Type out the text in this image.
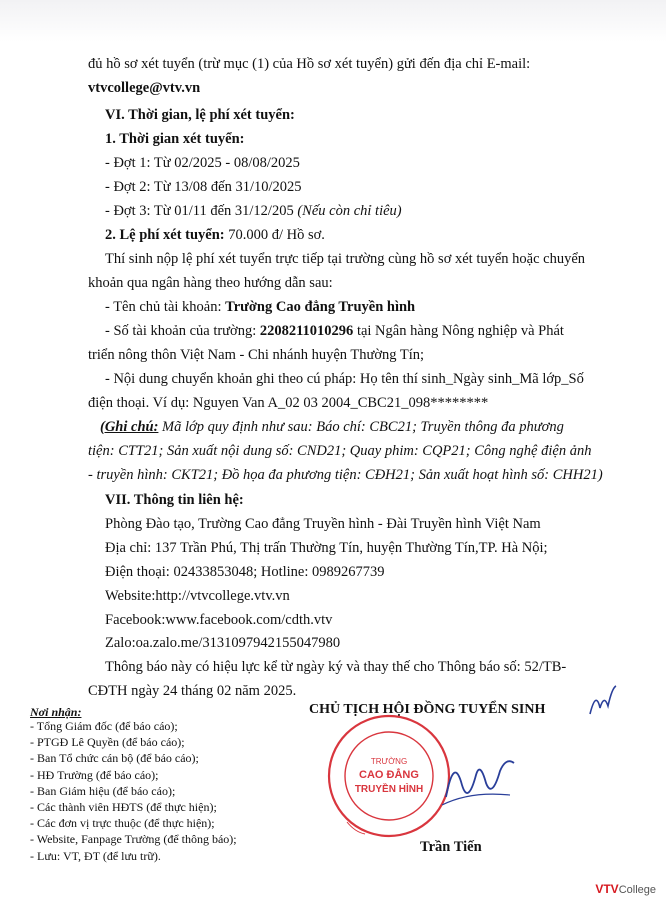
đủ hồ sơ xét tuyển (trừ mục (1) của Hồ sơ xét tuyển) gửi đến địa chỉ E-mail:
vtvcollege@vtv.vn
VI. Thời gian, lệ phí xét tuyển:
1. Thời gian xét tuyển:
- Đợt 1: Từ 02/2025 - 08/08/2025
- Đợt 2: Từ 13/08 đến 31/10/2025
- Đợt 3: Từ 01/11 đến 31/12/205 (Nếu còn chỉ tiêu)
2. Lệ phí xét tuyển: 70.000 đ/ Hồ sơ.
Thí sinh nộp lệ phí xét tuyển trực tiếp tại trường cùng hồ sơ xét tuyển hoặc chuyển
khoản qua ngân hàng theo hướng dẫn sau:
- Tên chủ tài khoản: Trường Cao đẳng Truyền hình
- Số tài khoản của trường: 2208211010296 tại Ngân hàng Nông nghiệp và Phát
triển nông thôn Việt Nam - Chi nhánh huyện Thường Tín;
- Nội dung chuyển khoản ghi theo cú pháp: Họ tên thí sinh_Ngày sinh_Mã lớp_Số
điện thoại. Ví dụ: Nguyen Van A_02 03 2004_CBC21_098********
(Ghi chú: Mã lớp quy định như sau: Báo chí: CBC21; Truyền thông đa phương
tiện: CTT21; Sản xuất nội dung số: CND21; Quay phim: CQP21; Công nghệ điện ảnh
- truyền hình: CKT21; Đồ họa đa phương tiện: CĐH21; Sản xuất hoạt hình số: CHH21)
VII. Thông tin liên hệ:
Phòng Đào tạo, Trường Cao đẳng Truyền hình - Đài Truyền hình Việt Nam
Địa chỉ: 137 Trần Phú, Thị trấn Thường Tín, huyện Thường Tín,TP. Hà Nội;
Điện thoại: 02433853048; Hotline: 0989267739
Website:http://vtvcollege.vtv.vn
Facebook:www.facebook.com/cdth.vtv
Zalo:oa.zalo.me/3131097942155047980
Thông báo này có hiệu lực kể từ ngày ký và thay thế cho Thông báo số: 52/TB-
CĐTH ngày 24 tháng 02 năm 2025.
Nơi nhận:
- Tổng Giám đốc (để báo cáo);
- PTGĐ Lê Quyền (để báo cáo);
- Ban Tổ chức cán bộ (để báo cáo);
- HĐ Trường (để báo cáo);
- Ban Giám hiệu (để báo cáo);
- Các thành viên HĐTS (để thực hiện);
- Các đơn vị trực thuộc (để thực hiện);
- Website, Fanpage Trường (để thông báo);
- Lưu: VT, ĐT (để lưu trữ).
CHỦ TỊCH HỘI ĐỒNG TUYỂN SINH
TRƯỜNG
CAO ĐẲNG
TRUYỀN HÌNH
Trần Tiến
VTVCollege
